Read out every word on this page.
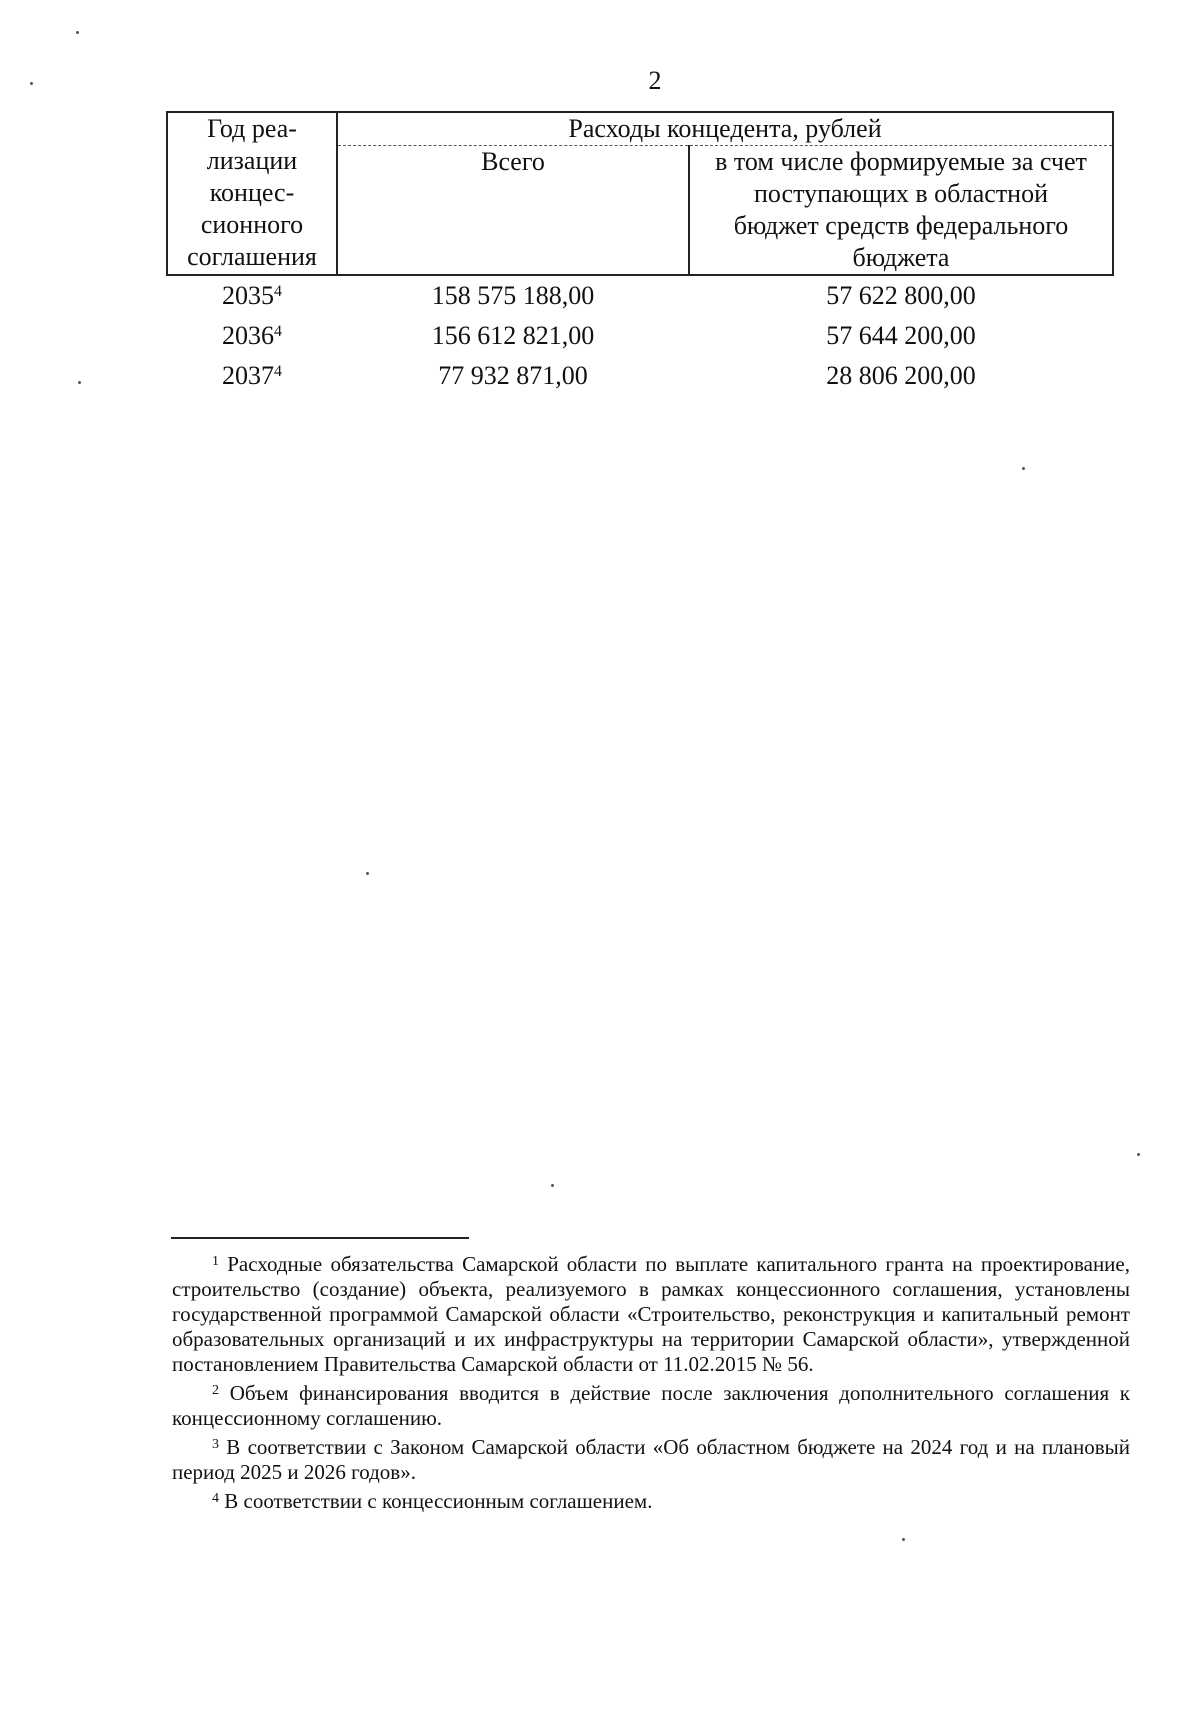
2
Год реа-
лизации
концес-
сионного
соглашения	Расходы концедента, рублей	
	Всего	в том числе формируемые за счет
поступающих в областной
бюджет средств федерального
бюджета
2035$^4$	158 575 188,00	57 622 800,00
2036$^4$	156 612 821,00	57 644 200,00
2037$^4$	77 932 871,00	28 806 200,00

$^1$ Расходные обязательства Самарской области по выплате капитального гранта на проектирование, строительство (создание) объекта, реализуемого в рамках концессионного соглашения, установлены государственной программой Самарской области «Строительство, реконструкция и капитальный ремонт образовательных организаций и их инфраструктуры на территории Самарской области», утвержденной постановлением Правительства Самарской области от 11.02.2015 № 56.

$^2$ Объем финансирования вводится в действие после заключения дополнительного соглашения к концессионному соглашению.

$^3$ В соответствии с Законом Самарской области «Об областном бюджете на 2024 год и на плановый период 2025 и 2026 годов».

$^4$ В соответствии с концессионным соглашением.
